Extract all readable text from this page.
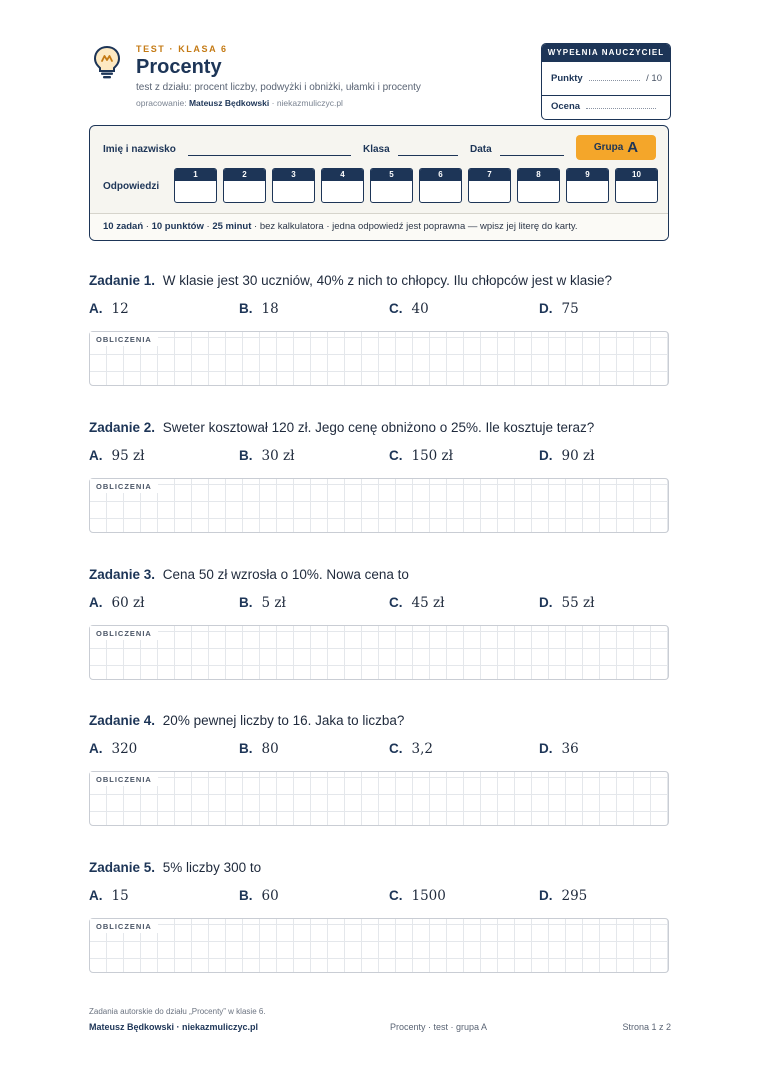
TEST · KLASA 6
Procenty
test z działu: procent liczby, podwyżki i obniżki, ułamki i procenty
opracowanie: Mateusz Będkowski · niekazmuliczyc.pl
WYPEŁNIA NAUCZYCIEL
Punkty	/ 10
Ocena
Imię i nazwisko	Klasa	Data	Grupa A
Odpowiedzi
1	2	3	4	5	6	7	8	9	10
10 zadań · 10 punktów · 25 minut · bez kalkulatora · jedna odpowiedź jest poprawna — wpisz jej literę do karty.
Zadanie 1. W klasie jest 30 uczniów, 40% z nich to chłopcy. Ilu chłopców jest w klasie?
A. 12	B. 18	C. 40	D. 75
OBLICZENIA
Zadanie 2. Sweter kosztował 120 zł. Jego cenę obniżono o 25%. Ile kosztuje teraz?
A. 95 zł	B. 30 zł	C. 150 zł	D. 90 zł
OBLICZENIA
Zadanie 3. Cena 50 zł wzrosła o 10%. Nowa cena to
A. 60 zł	B. 5 zł	C. 45 zł	D. 55 zł
OBLICZENIA
Zadanie 4. 20% pewnej liczby to 16. Jaka to liczba?
A. 320	B. 80	C. 3,2	D. 36
OBLICZENIA
Zadanie 5. 5% liczby 300 to
A. 15	B. 60	C. 1500	D. 295
OBLICZENIA
Zadania autorskie do działu „Procenty” w klasie 6.
Mateusz Będkowski · niekazmuliczyc.pl	Procenty · test · grupa A	Strona 1 z 2
